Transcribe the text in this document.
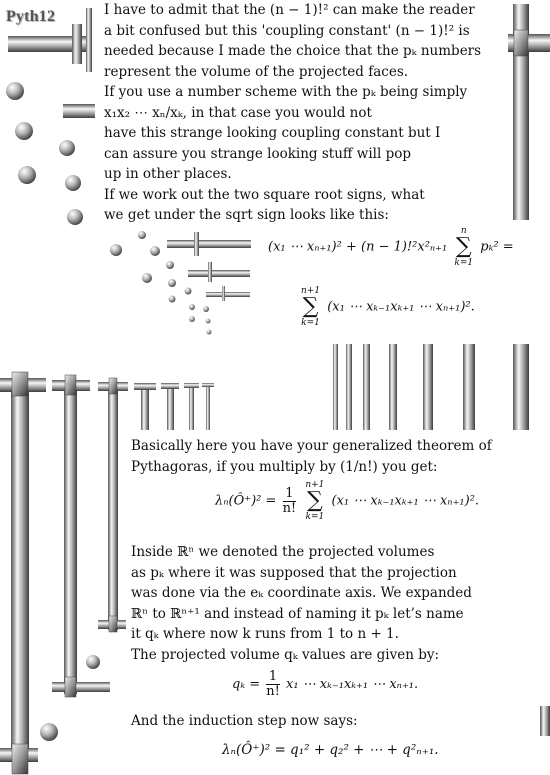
Pyth12	I have to admit that the (n − 1)!² can make the reader
a bit confused but this 'coupling constant' (n − 1)!² is
needed because I made the choice that the pₖ numbers
represent the volume of the projected faces.
If you use a number scheme with the pₖ being simply
x₁x₂ ⋯ xₙ/xₖ, in that case you would not
have this strange looking coupling constant but I
can assure you strange looking stuff will pop
up in other places.
If we work out the two square root signs, what
we get under the sqrt sign looks like this:
(x₁ ⋯ xₙ₊₁)² + (n − 1)!²x²ₙ₊₁
n
∑
k=1
pₖ² =
n+1
∑
k=1
(x₁ ⋯ xₖ₋₁xₖ₊₁ ⋯ xₙ₊₁)².
Basically here you have your generalized theorem of
Pythagoras, if you multiply by (1/n!) you get:
λₙ(Ô⁺)² = $\frac{1}{n!}$

n+1
∑
k=1
(x₁ ⋯ xₖ₋₁xₖ₊₁ ⋯ xₙ₊₁)².
Inside ℝⁿ we denoted the projected volumes
as pₖ where it was supposed that the projection
was done via the eₖ coordinate axis. We expanded
ℝⁿ to ℝⁿ⁺¹ and instead of naming it pₖ let’s name
it qₖ where now k runs from 1 to n + 1.
The projected volume qₖ values are given by:
$q_k = \frac{1}{n!} x_1$ ⋯ xₖ₋₁xₖ₊₁ ⋯ xₙ₊₁.
And the induction step now says:
λₙ(Ô⁺)² = q₁² + q₂² + ⋯ + q²ₙ₊₁.
